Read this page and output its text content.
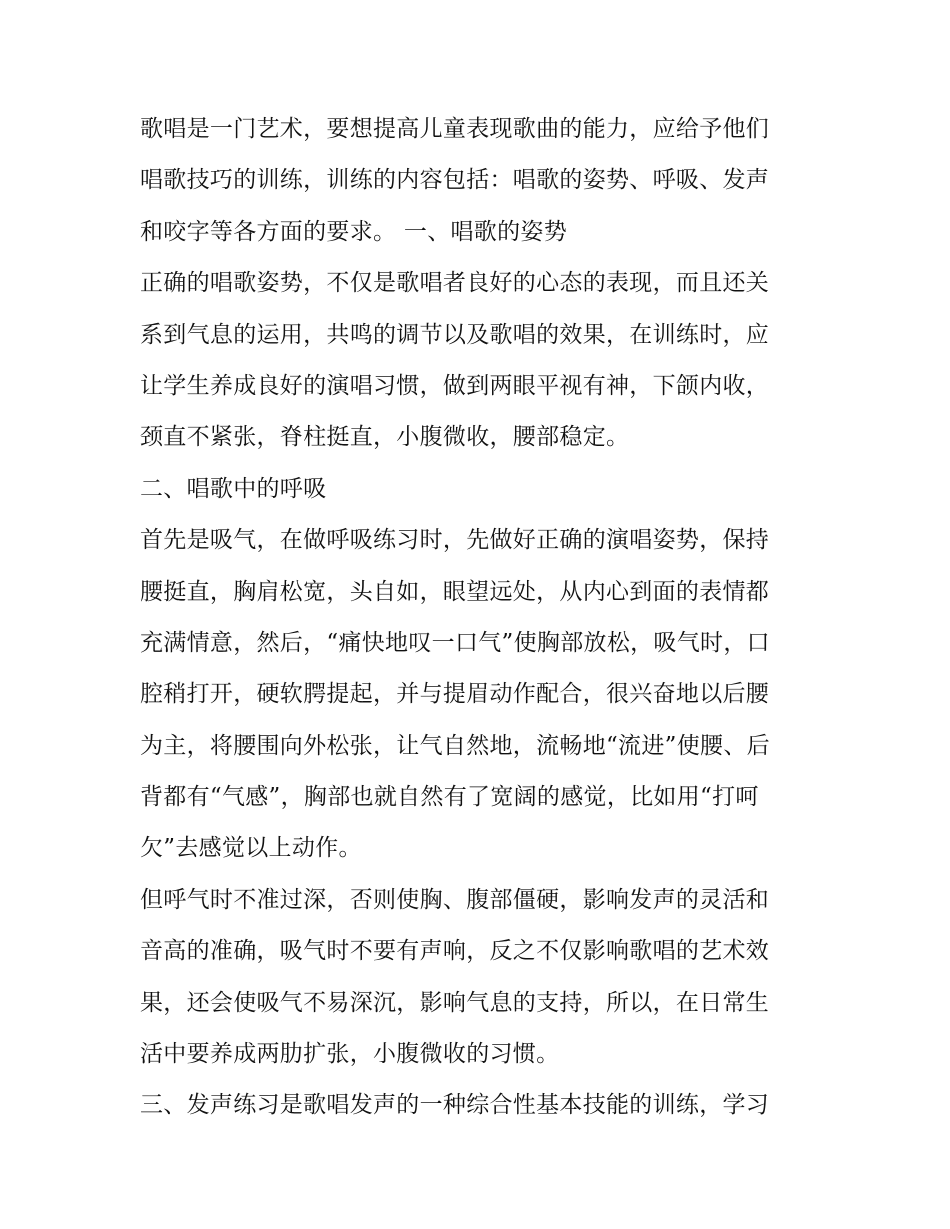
歌唱是一门艺术，要想提高儿童表现歌曲的能力，应给予他们
唱歌技巧的训练，训练的内容包括：唱歌的姿势、呼吸、发声
和咬字等各方面的要求。 一、唱歌的姿势
正确的唱歌姿势，不仅是歌唱者良好的心态的表现，而且还关
系到气息的运用，共鸣的调节以及歌唱的效果，在训练时，应
让学生养成良好的演唱习惯，做到两眼平视有神，下颌内收，
颈直不紧张，脊柱挺直，小腹微收，腰部稳定。
二、唱歌中的呼吸
首先是吸气，在做呼吸练习时，先做好正确的演唱姿势，保持
腰挺直，胸肩松宽，头自如，眼望远处，从内心到面的表情都
充满情意，然后，“痛快地叹一口气”使胸部放松，吸气时，口
腔稍打开，硬软腭提起，并与提眉动作配合，很兴奋地以后腰
为主，将腰围向外松张，让气自然地，流畅地“流进”使腰、后
背都有“气感”，胸部也就自然有了宽阔的感觉，比如用“打呵
欠”去感觉以上动作。
但呼气时不准过深，否则使胸、腹部僵硬，影响发声的灵活和
音高的准确，吸气时不要有声响，反之不仅影响歌唱的艺术效
果，还会使吸气不易深沉，影响气息的支持，所以，在日常生
活中要养成两肋扩张，小腹微收的习惯。
三、发声练习是歌唱发声的一种综合性基本技能的训练，学习
